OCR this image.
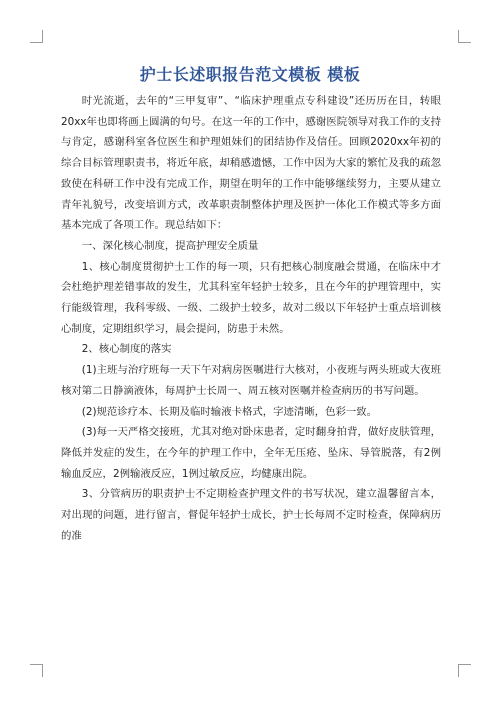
护士长述职报告范文模板 模板

时光流逝，去年的“三甲复审”、“临床护理重点专科建设”还历历在目，转眼20xx年也即将画上圆满的句号。在这一年的工作中，感谢医院领导对我工作的支持与肯定，感谢科室各位医生和护理姐妹们的团结协作及信任。回顾2020xx年初的综合目标管理职责书，将近年底，却稍感遗憾，工作中因为大家的繁忙及我的疏忽致使在科研工作中没有完成工作，期望在明年的工作中能够继续努力，主要从建立青年礼貌号，改变培训方式，改革职责制整体护理及医护一体化工作模式等多方面基本完成了各项工作。现总结如下：

一、深化核心制度，提高护理安全质量

1、核心制度贯彻护士工作的每一项，只有把核心制度融会贯通，在临床中才会杜绝护理差错事故的发生，尤其科室年轻护士较多，且在今年的护理管理中，实行能级管理，我科零级、一级、二级护士较多，故对二级以下年轻护士重点培训核心制度，定期组织学习，晨会提问，防患于未然。

2、核心制度的落实

(1)主班与治疗班每一天下午对病房医嘱进行大核对，小夜班与两头班或大夜班核对第二日静滴液体，每周护士长周一、周五核对医嘱并检查病历的书写问题。

(2)规范诊疗本、长期及临时输液卡格式，字迹清晰，色彩一致。

(3)每一天严格交接班，尤其对绝对卧床患者，定时翻身拍背，做好皮肤管理，降低并发症的发生，在今年的护理工作中，全年无压疮、坠床、导管脱落，有2例输血反应，2例输液反应，1例过敏反应，均健康出院。

3、分管病历的职责护士不定期检查护理文件的书写状况，建立温馨留言本，对出现的问题，进行留言，督促年轻护士成长，护士长每周不定时检查，保障病历的准
